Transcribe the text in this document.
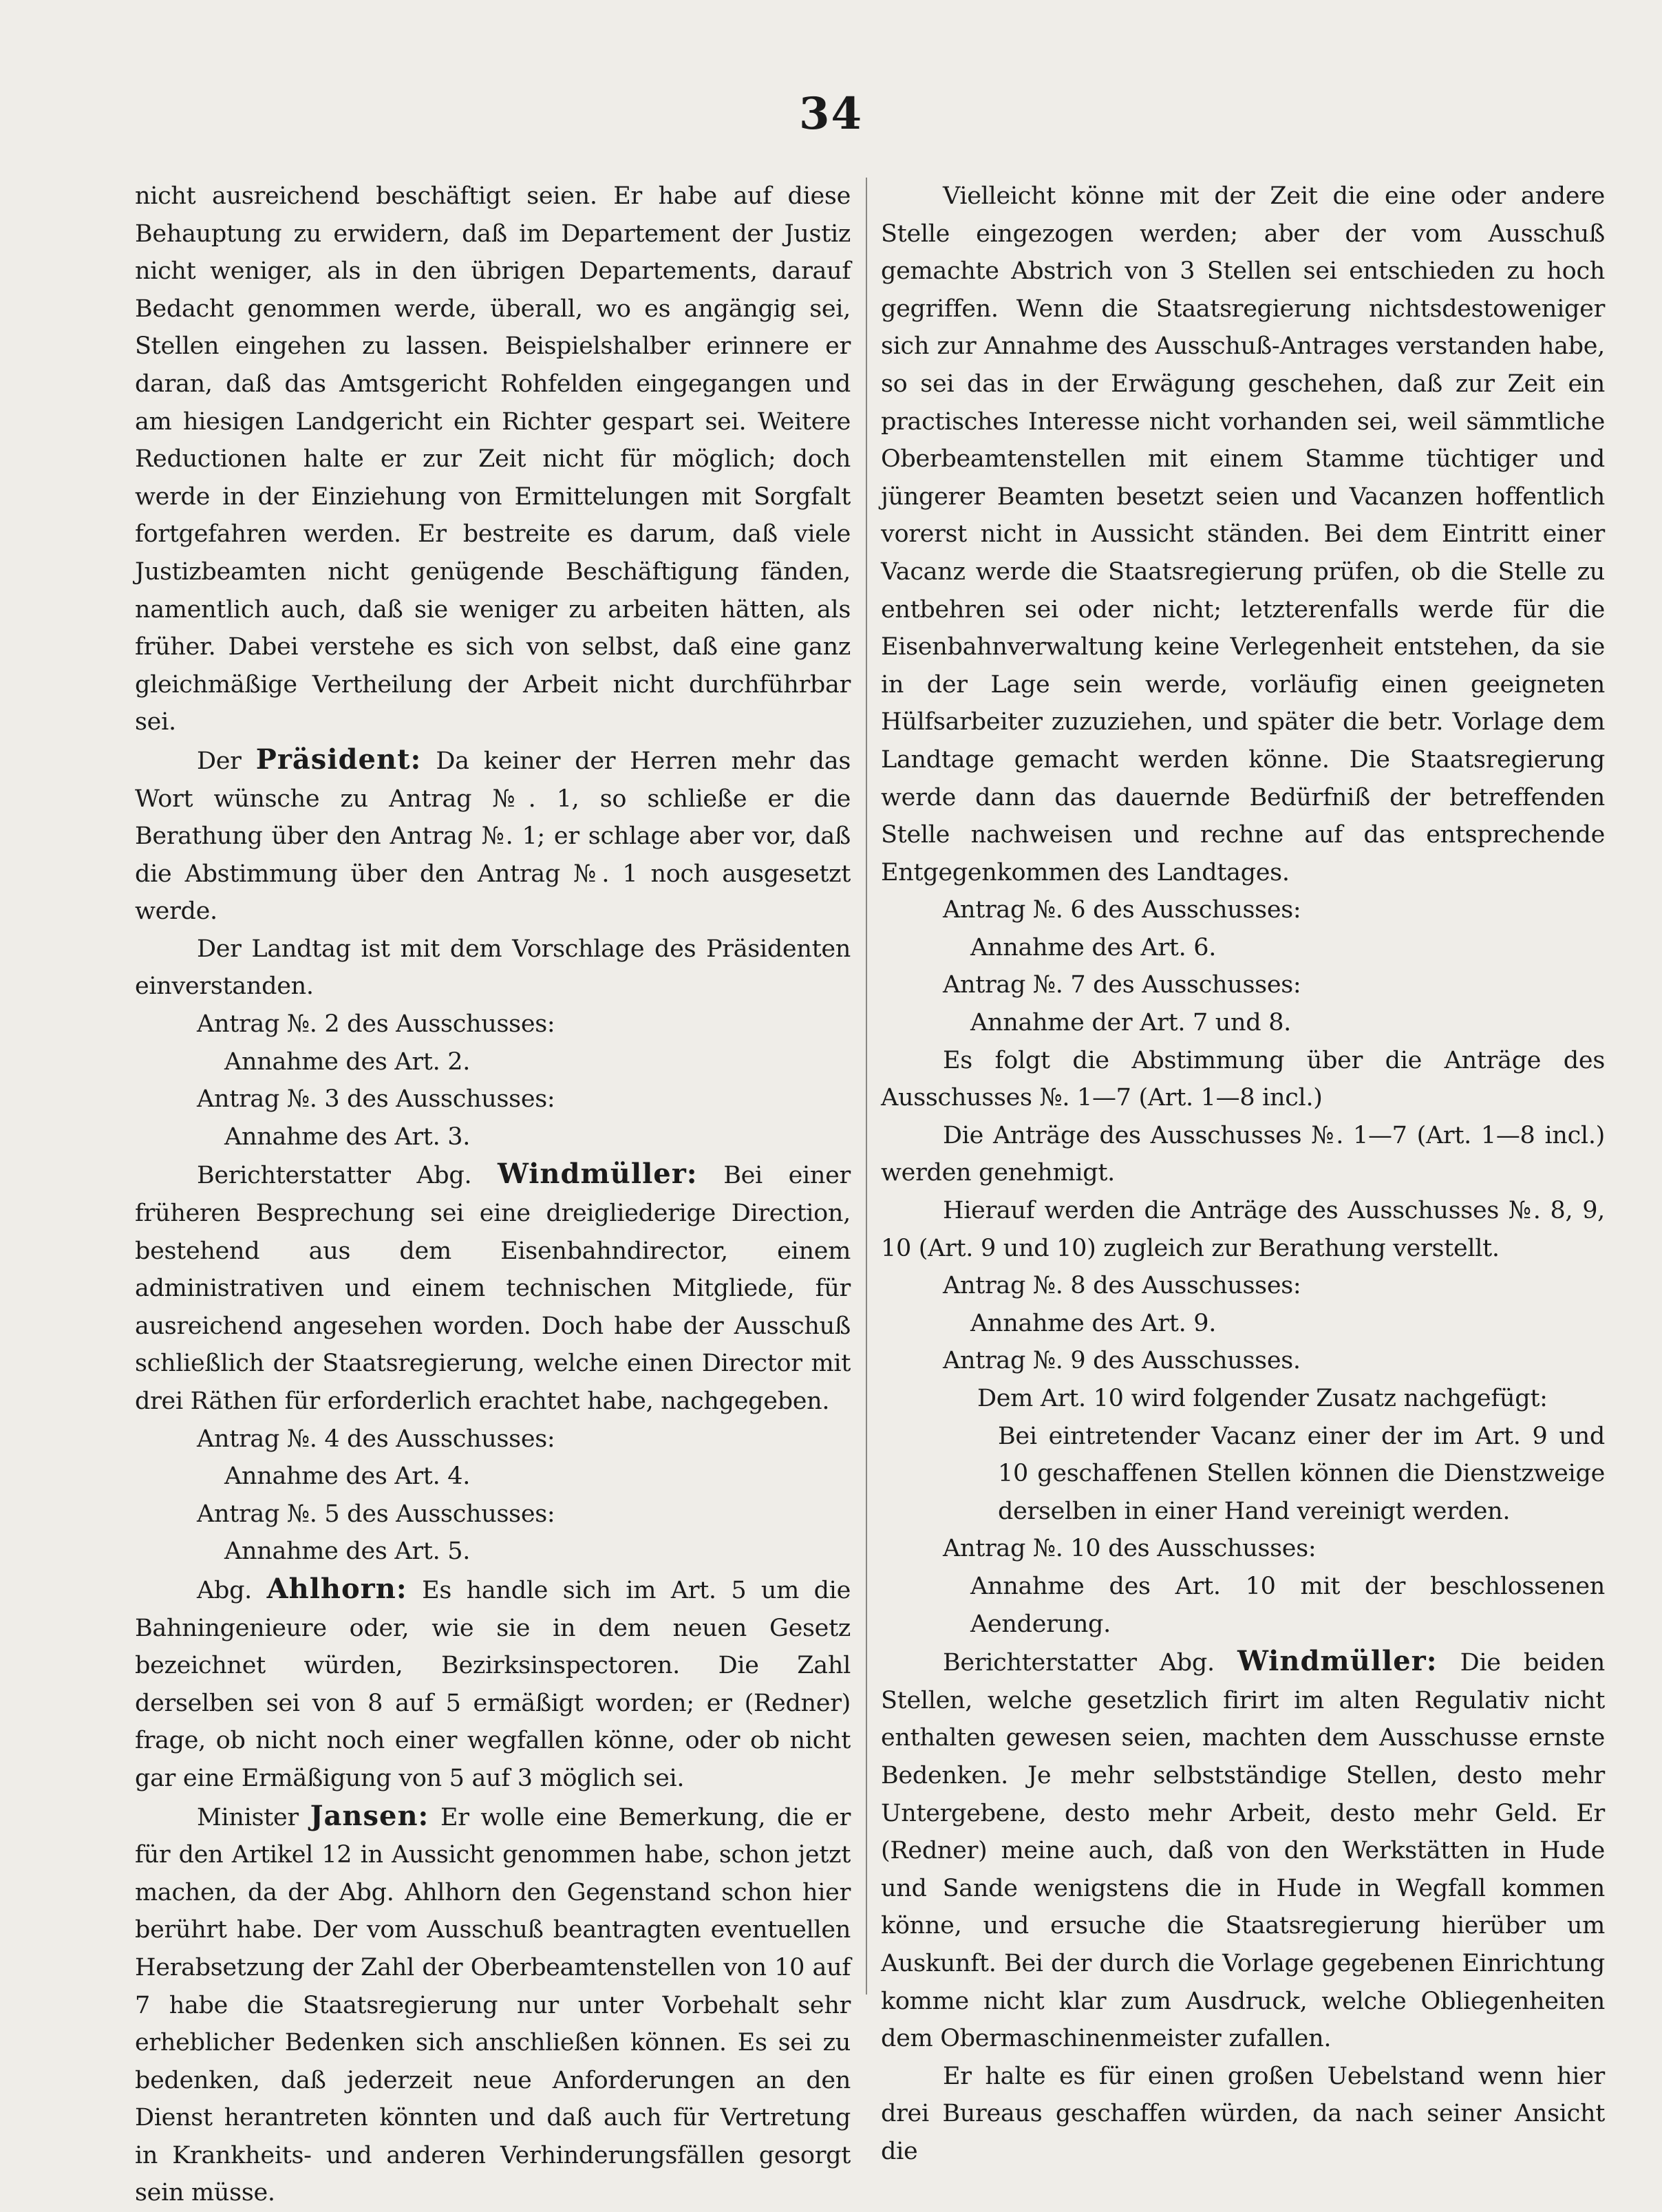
34

nicht ausreichend beschäftigt seien. Er habe auf diese Behauptung zu erwidern, daß im Departement der Justiz nicht weniger, als in den übrigen Departements, darauf Bedacht genommen werde, überall, wo es angängig sei, Stellen eingehen zu lassen. Beispielshalber erinnere er daran, daß das Amtsgericht Rohfelden eingegangen und am hiesigen Landgericht ein Richter gespart sei. Weitere Reductionen halte er zur Zeit nicht für möglich; doch werde in der Einziehung von Ermittelungen mit Sorgfalt fortgefahren werden. Er bestreite es darum, daß viele Justizbeamten nicht genügende Beschäftigung fänden, namentlich auch, daß sie weniger zu arbeiten hätten, als früher. Dabei verstehe es sich von selbst, daß eine ganz gleichmäßige Vertheilung der Arbeit nicht durchführbar sei.

Der Präsident: Da keiner der Herren mehr das Wort wünsche zu Antrag №. 1, so schließe er die Berathung über den Antrag №. 1; er schlage aber vor, daß die Abstimmung über den Antrag №. 1 noch ausgesetzt werde.

Der Landtag ist mit dem Vorschlage des Präsidenten einverstanden.

Antrag №. 2 des Ausschusses:

Annahme des Art. 2.

Antrag №. 3 des Ausschusses:

Annahme des Art. 3.

Berichterstatter Abg. Windmüller: Bei einer früheren Besprechung sei eine dreigliederige Direction, bestehend aus dem Eisenbahndirector, einem administrativen und einem technischen Mitgliede, für ausreichend angesehen worden. Doch habe der Ausschuß schließlich der Staatsregierung, welche einen Director mit drei Räthen für erforderlich erachtet habe, nachgegeben.

Antrag №. 4 des Ausschusses:

Annahme des Art. 4.

Antrag №. 5 des Ausschusses:

Annahme des Art. 5.

Abg. Ahlhorn: Es handle sich im Art. 5 um die Bahningenieure oder, wie sie in dem neuen Gesetz bezeichnet würden, Bezirksinspectoren. Die Zahl derselben sei von 8 auf 5 ermäßigt worden; er (Redner) frage, ob nicht noch einer wegfallen könne, oder ob nicht gar eine Ermäßigung von 5 auf 3 möglich sei.

Minister Jansen: Er wolle eine Bemerkung, die er für den Artikel 12 in Aussicht genommen habe, schon jetzt machen, da der Abg. Ahlhorn den Gegenstand schon hier berührt habe. Der vom Ausschuß beantragten eventuellen Herabsetzung der Zahl der Oberbeamtenstellen von 10 auf 7 habe die Staatsregierung nur unter Vorbehalt sehr erheblicher Bedenken sich anschließen können. Es sei zu bedenken, daß jederzeit neue Anforderungen an den Dienst herantreten könnten und daß auch für Vertretung in Krankheits- und anderen Verhinderungsfällen gesorgt sein müsse.

Vielleicht könne mit der Zeit die eine oder andere Stelle eingezogen werden; aber der vom Ausschuß gemachte Abstrich von 3 Stellen sei entschieden zu hoch gegriffen. Wenn die Staatsregierung nichtsdestoweniger sich zur Annahme des Ausschuß-Antrages verstanden habe, so sei das in der Erwägung geschehen, daß zur Zeit ein practisches Interesse nicht vorhanden sei, weil sämmtliche Oberbeamtenstellen mit einem Stamme tüchtiger und jüngerer Beamten besetzt seien und Vacanzen hoffentlich vorerst nicht in Aussicht ständen. Bei dem Eintritt einer Vacanz werde die Staatsregierung prüfen, ob die Stelle zu entbehren sei oder nicht; letzterenfalls werde für die Eisenbahnverwaltung keine Verlegenheit entstehen, da sie in der Lage sein werde, vorläufig einen geeigneten Hülfsarbeiter zuzuziehen, und später die betr. Vorlage dem Landtage gemacht werden könne. Die Staatsregierung werde dann das dauernde Bedürfniß der betreffenden Stelle nachweisen und rechne auf das entsprechende Entgegenkommen des Landtages.

Antrag №. 6 des Ausschusses:

Annahme des Art. 6.

Antrag №. 7 des Ausschusses:

Annahme der Art. 7 und 8.

Es folgt die Abstimmung über die Anträge des Ausschusses №. 1—7 (Art. 1—8 incl.)

Die Anträge des Ausschusses №. 1—7 (Art. 1—8 incl.) werden genehmigt.

Hierauf werden die Anträge des Ausschusses №. 8, 9, 10 (Art. 9 und 10) zugleich zur Berathung verstellt.

Antrag №. 8 des Ausschusses:

Annahme des Art. 9.

Antrag №. 9 des Ausschusses.

Dem Art. 10 wird folgender Zusatz nachgefügt:

Bei eintretender Vacanz einer der im Art. 9 und 10 geschaffenen Stellen können die Dienstzweige derselben in einer Hand vereinigt werden.

Antrag №. 10 des Ausschusses:

Annahme des Art. 10 mit der beschlossenen Aenderung.

Berichterstatter Abg. Windmüller: Die beiden Stellen, welche gesetzlich firirt im alten Regulativ nicht enthalten gewesen seien, machten dem Ausschusse ernste Bedenken. Je mehr selbstständige Stellen, desto mehr Untergebene, desto mehr Arbeit, desto mehr Geld. Er (Redner) meine auch, daß von den Werkstätten in Hude und Sande wenigstens die in Hude in Wegfall kommen könne, und ersuche die Staatsregierung hierüber um Auskunft. Bei der durch die Vorlage gegebenen Einrichtung komme nicht klar zum Ausdruck, welche Obliegenheiten dem Obermaschinenmeister zufallen.

Er halte es für einen großen Uebelstand wenn hier drei Bureaus geschaffen würden, da nach seiner Ansicht die
